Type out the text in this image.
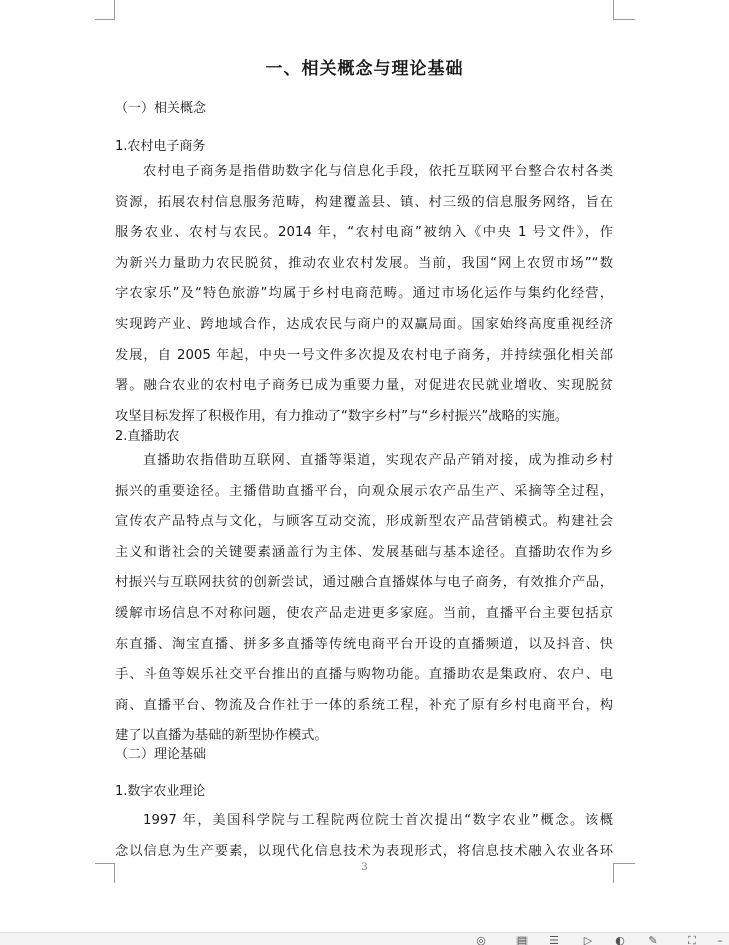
一、相关概念与理论基础
（一）相关概念
1.农村电子商务
农村电子商务是指借助数字化与信息化手段，依托互联网平台整合农村各类
资源，拓展农村信息服务范畴，构建覆盖县、镇、村三级的信息服务网络，旨在
服务农业、农村与农民。2014 年，“农村电商”被纳入《中央 1 号文件》，作
为新兴力量助力农民脱贫，推动农业农村发展。当前，我国“网上农贸市场”“数
字农家乐”及“特色旅游”均属于乡村电商范畴。通过市场化运作与集约化经营，
实现跨产业、跨地域合作，达成农民与商户的双赢局面。国家始终高度重视经济
发展，自 2005 年起，中央一号文件多次提及农村电子商务，并持续强化相关部
署。融合农业的农村电子商务已成为重要力量，对促进农民就业增收、实现脱贫
攻坚目标发挥了积极作用，有力推动了“数字乡村”与“乡村振兴”战略的实施。
2.直播助农
直播助农指借助互联网、直播等渠道，实现农产品产销对接，成为推动乡村
振兴的重要途径。主播借助直播平台，向观众展示农产品生产、采摘等全过程，
宣传农产品特点与文化，与顾客互动交流，形成新型农产品营销模式。构建社会
主义和谐社会的关键要素涵盖行为主体、发展基础与基本途径。直播助农作为乡
村振兴与互联网扶贫的创新尝试，通过融合直播媒体与电子商务，有效推介产品，
缓解市场信息不对称问题，使农产品走进更多家庭。当前，直播平台主要包括京
东直播、淘宝直播、拼多多直播等传统电商平台开设的直播频道，以及抖音、快
手、斗鱼等娱乐社交平台推出的直播与购物功能。直播助农是集政府、农户、电
商、直播平台、物流及合作社于一体的系统工程，补充了原有乡村电商平台，构
建了以直播为基础的新型协作模式。
（二）理论基础
1.数字农业理论
1997 年，美国科学院与工程院两位院士首次提出“数字农业”概念。该概
念以信息为生产要素，以现代化信息技术为表现形式，将信息技术融入农业各环
3
◎	▤ ☰ ▷ ◐ ✎	⛶ –
